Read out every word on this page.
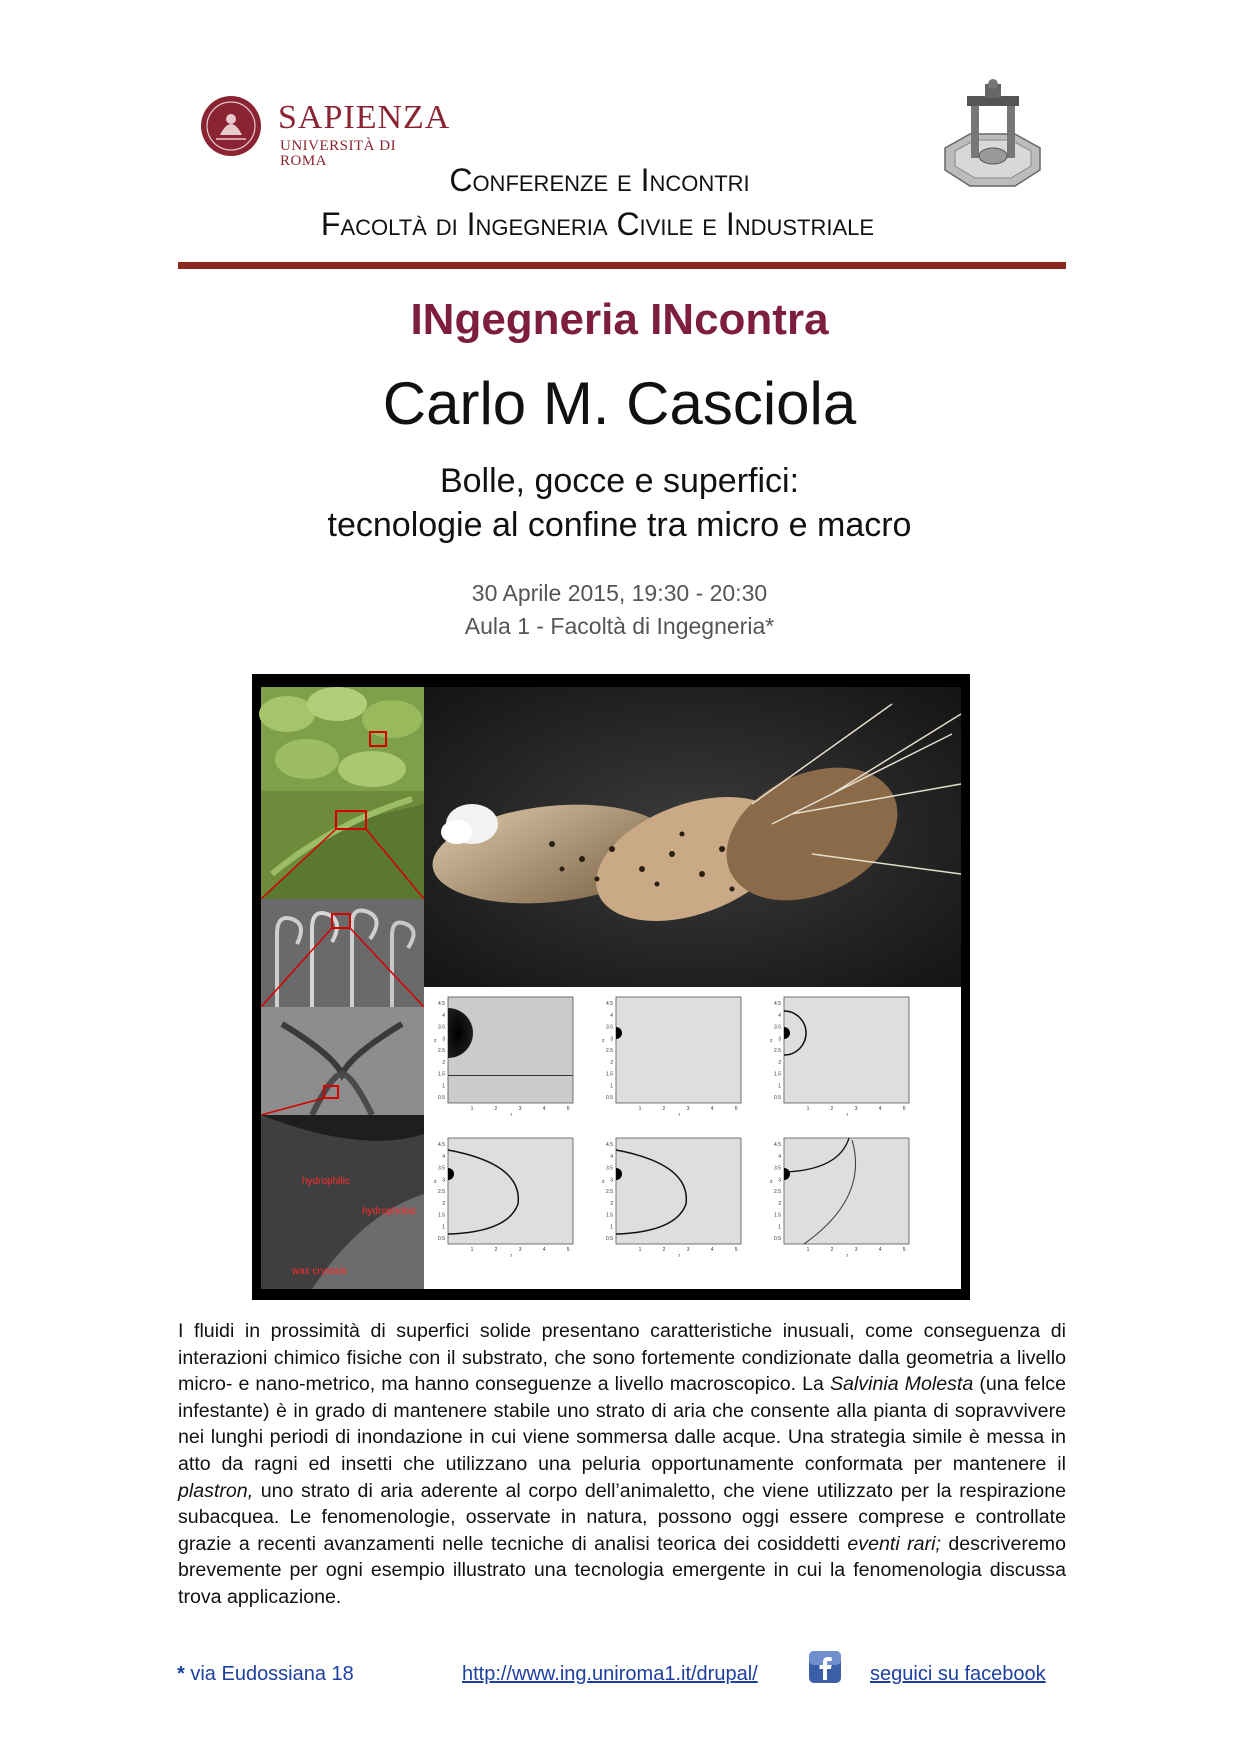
SAPIENZA
UNIVERSITÀ DI ROMA
Conferenze e Incontri
Facoltà di Ingegneria Civile e Industriale
INgegneria INcontra
Carlo M. Casciola
Bolle, gocce e superfici:
tecnologie al confine tra micro e macro
30 Aprile 2015, 19:30 - 20:30
Aula 1 - Facoltà di Ingegneria*
hydrophilic
hydrophobic
wax crystals
4.5
4
3.5
3
2.5
2
1.5
1
0.5
1	2	3	4	5
z
r
4.5
4
3.5
3
2.5
2
1.5
1
0.5
1	2	3	4	5
z
r
4.5
4
3.5
3
2.5
2
1.5
1
0.5
1	2	3	4	5
z
r
4.5
4
3.5
3
2.5
2
1.5
1
0.5
1	2	3	4	5
z
r
4.5
4
3.5
3
2.5
2
1.5
1
0.5
1	2	3	4	5
z
r
4.5
4
3.5
3
2.5
2
1.5
1
0.5
1	2	3	4	5
z
r
I fluidi in prossimità di superfici solide presentano caratteristiche inusuali, come conseguenza di interazioni chimico fisiche con il substrato, che sono fortemente condizionate dalla geometria a livello micro- e nano-metrico, ma hanno conseguenze a livello macroscopico. La Salvinia Molesta (una felce infestante) è in grado di mantenere stabile uno strato di aria che consente alla pianta di sopravvivere nei lunghi periodi di inondazione in cui viene sommersa dalle acque. Una strategia simile è messa in atto da ragni ed insetti che utilizzano una peluria opportunamente conformata per mantenere il plastron, uno strato di aria aderente al corpo dell’animaletto, che viene utilizzato per la respirazione subacquea. Le fenomenologie, osservate in natura, possono oggi essere comprese e controllate grazie a recenti avanzamenti nelle tecniche di analisi teorica dei cosiddetti eventi rari; descriveremo brevemente per ogni esempio illustrato una tecnologia emergente in cui la fenomenologia discussa trova applicazione.
* via Eudossiana 18	http://www.ing.uniroma1.it/drupal/	seguici su facebook
